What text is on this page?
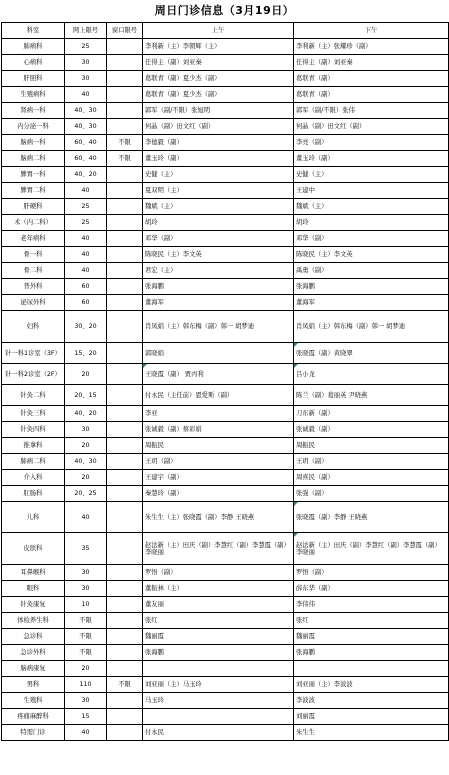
周日门诊信息（3月19日）
科室	网上限号	窗口限号	上午	下午
肺病科	25		李利新（主）李朝辉（主）	李利新（主）张耀珍（副）
心病科	30		任得主（副）刘亚秦	任得主（副）刘亚秦
肝胆科	30		葛联青（副）夏少杰（副）	葛联青（副）
生殖病科	40		葛联青（副）夏少杰（副）	葛联青（副）
肾病一科	40、30		郭军（副/不限）张旭明	郭军（副/不限）张伟
内分泌一科	40、30		何晶（副）田文红（副）	何晶（副）田文红（副）
脑病一科	60、40	不限	李德毅（副）	李亮（副）
脑病二科	60、40	不限	董玉玲（副）	董玉玲（副）
脾胃一科	40、20		史健（主）	史健（主）
脾胃二科	40		夏双明（主）	王建中
肝硬科	25		魏斌（主）	魏斌（主）
术（内二科）	25		胡玲	胡玲
老年病科	40		邓华（副）	邓华（副）
骨一科	40		陈晓民（主）李文英	陈晓民（主）李文英
骨二科	40		君宏（主）	禹勇（副）
普外科	60		张海鹏	张海鹏
泌尿外科	60		董海军	董海军
妇科	30、20		肖凤娟（主）韩东梅（副）韩一 胡梦迪	肖凤娟（主）韩东梅（副）韩一 胡梦迪
针一科1诊室（3F）	15、20		郭晓娟	张晓霞（副）黄晓翠
针一科2诊室（2F）	20		王晓霞（副） 贾丙利	吕小龙
针灸二科	20、15		付永民（主任前）恩爱斯（副）	陈兰（副）葛丽英 尹晓燕
针灸三科	40、20		李亚	刀东新（副）
针灸四科	30		张诚毅（副）蔡彩娟	张诚毅（副）
推拿科	20		周振民	周振民
肺病二科	40、30		王玥（副）	王玥（副）
介入科	20		王建宇（副）	周喜民（副）
肛肠科	20、25		秦慧玲（副）	张强（副）
儿科	40		朱生生（主）张晓霞（副）李静 王晓燕	张晓霞（副）李静 王晓燕
皮肤科	35		赵法新（主）田庆（副）李慧红（副）李慧霞（副）李晓丽	赵法新（主）田庆（副）李慧红（副）李慧霞（副）李晓丽
耳鼻喉科	30		罗悟（副）	罗悟（副）
眼科	30		董振林（主）	薛东华（副）
针灸康复	10		董友丽	李伟伟
体检养生科	不限		张红	张红
急诊科	不限		魏丽霞	魏丽霞
急诊外科	不限		张海鹏	张海鹏
脑病康复	20			
男科	110	不限	刘亚丽（主）马玉玲	刘亚丽（主）李波波
生殖科	30		马玉玲	李波波
疼痛麻醉科	15			刘丽霞
特需门诊	40		付永民	朱生生
